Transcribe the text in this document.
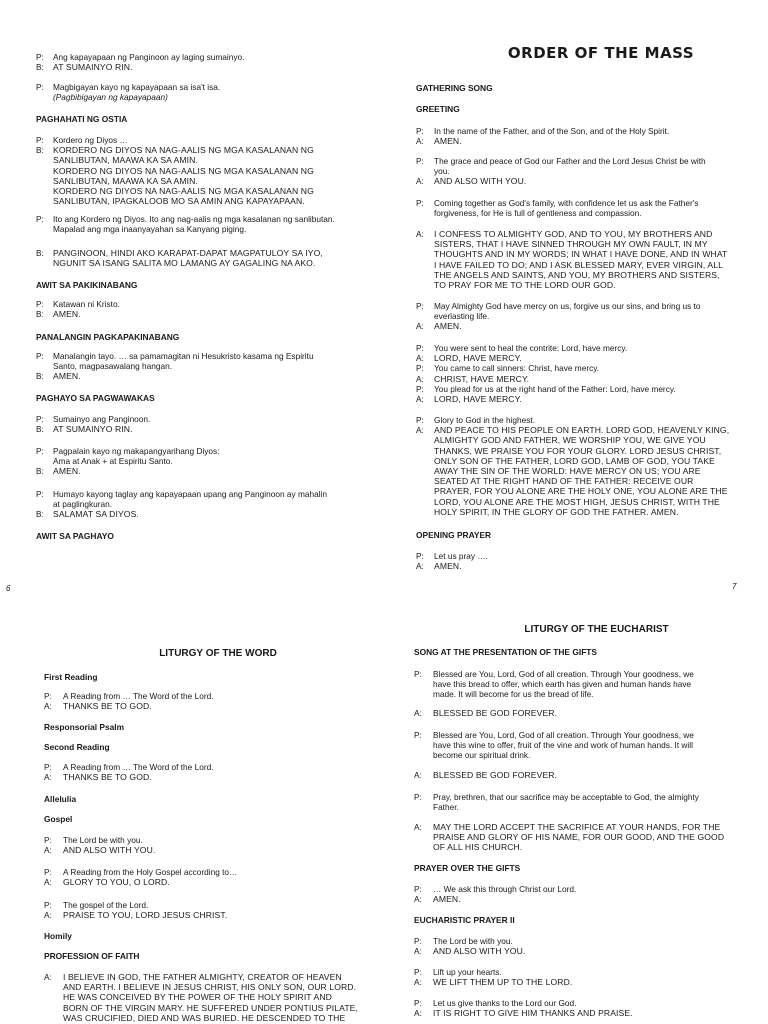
P:	Ang kapayapaan ng Panginoon ay laging sumainyo.
B:	AT SUMAINYO RIN.
P:	Magbigayan kayo ng kapayapaan sa isa't isa.
(Pagbibigayan ng kapayapaan)
PAGHAHATI NG OSTIA
P:	Kordero ng Diyos …
B:	KORDERO NG DIYOS NA NAG-AALIS NG MGA KASALANAN NG
SANLIBUTAN, MAAWA KA SA AMIN.
KORDERO NG DIYOS NA NAG-AALIS NG MGA KASALANAN NG
SANLIBUTAN, MAAWA KA SA AMIN.
KORDERO NG DIYOS NA NAG-AALIS NG MGA KASALANAN NG
SANLIBUTAN, IPAGKALOOB MO SA AMIN ANG KAPAYAPAAN.
P:	Ito ang Kordero ng Diyos. Ito ang nag-aalis ng mga kasalanan ng sanlibutan.
Mapalad ang mga inaanyayahan sa Kanyang piging.
B:	PANGINOON, HINDI AKO KARAPAT-DAPAT MAGPATULOY SA IYO,
NGUNIT SA ISANG SALITA MO LAMANG AY GAGALING NA AKO.
AWIT SA PAKIKINABANG
P:	Katawan ni Kristo.
B:	AMEN.
PANALANGIN PAGKAPAKINABANG
P:	Manalangin tayo. … sa pamamagitan ni Hesukristo kasama ng Espiritu
Santo, magpasawalang hangan.
B:	AMEN.
PAGHAYO SA PAGWAWAKAS
P:	Sumainyo ang Panginoon.
B:	AT SUMAINYO RIN.
P:	Pagpalain kayo ng makapangyarihang Diyos:
Ama at Anak + at Espiritu Santo.
B:	AMEN.
P:	Humayo kayong taglay ang kapayapaan upang ang Panginoon ay mahalin
at paglingkuran.
B:	SALAMAT SA DIYOS.
AWIT SA PAGHAYO
6
ORDER OF THE MASS
GATHERING SONG
GREETING
P:	In the name of the Father, and of the Son, and of the Holy Spirit.
A:	AMEN.
P:	The grace and peace of God our Father and the Lord Jesus Christ be with
you.
A:	AND ALSO WITH YOU.
P:	Coming together as God's family, with confidence let us ask the Father's
forgiveness, for He is full of gentleness and compassion.
A:	I CONFESS TO ALMIGHTY GOD, AND TO YOU, MY BROTHERS AND
SISTERS, THAT I HAVE SINNED THROUGH MY OWN FAULT, IN MY
THOUGHTS AND IN MY WORDS; IN WHAT I HAVE DONE, AND IN WHAT
I HAVE FAILED TO DO; AND I ASK BLESSED MARY, EVER VIRGIN, ALL
THE ANGELS AND SAINTS, AND YOU, MY BROTHERS AND SISTERS,
TO PRAY FOR ME TO THE LORD OUR GOD.
P:	May Almighty God have mercy on us, forgive us our sins, and bring us to
everlasting life.
A:	AMEN.
P:	You were sent to heal the contrite: Lord, have mercy.
A:	LORD, HAVE MERCY.
P:	You came to call sinners: Christ, have mercy.
A:	CHRIST, HAVE MERCY.
P:	You plead for us at the right hand of the Father: Lord, have mercy.
A:	LORD, HAVE MERCY.
P:	Glory to God in the highest.
A:	AND PEACE TO HIS PEOPLE ON EARTH. LORD GOD, HEAVENLY KING,
ALMIGHTY GOD AND FATHER, WE WORSHIP YOU, WE GIVE YOU
THANKS, WE PRAISE YOU FOR YOUR GLORY. LORD JESUS CHRIST,
ONLY SON OF THE FATHER, LORD GOD, LAMB OF GOD, YOU TAKE
AWAY THE SIN OF THE WORLD: HAVE MERCY ON US; YOU ARE
SEATED AT THE RIGHT HAND OF THE FATHER: RECEIVE OUR
PRAYER, FOR YOU ALONE ARE THE HOLY ONE, YOU ALONE ARE THE
LORD, YOU ALONE ARE THE MOST HIGH, JESUS CHRIST, WITH THE
HOLY SPIRIT, IN THE GLORY OF GOD THE FATHER. AMEN.
OPENING PRAYER
P:	Let us pray ….
A:	AMEN.
7
LITURGY OF THE WORD
First Reading
P:	A Reading from … The Word of the Lord.
A:	THANKS BE TO GOD.
Responsorial Psalm
Second Reading
P:	A Reading from … The Word of the Lord.
A:	THANKS BE TO GOD.
Allelulia
Gospel
P:	The Lord be with you.
A:	AND ALSO WITH YOU.
P:	A Reading from the Holy Gospel according to…
A:	GLORY TO YOU, O LORD.
P:	The gospel of the Lord.
A:	PRAISE TO YOU, LORD JESUS CHRIST.
Homily
PROFESSION OF FAITH
A:	I BELIEVE IN GOD, THE FATHER ALMIGHTY, CREATOR OF HEAVEN
AND EARTH. I BELIEVE IN JESUS CHRIST, HIS ONLY SON, OUR LORD.
HE WAS CONCEIVED BY THE POWER OF THE HOLY SPIRIT AND
BORN OF THE VIRGIN MARY. HE SUFFERED UNDER PONTIUS PILATE,
WAS CRUCIFIED, DIED AND WAS BURIED. HE DESCENDED TO THE
LITURGY OF THE EUCHARIST
SONG AT THE PRESENTATION OF THE GIFTS
P:	Blessed are You, Lord, God of all creation. Through Your goodness, we
have this bread to offer, which earth has given and human hands have
made. It will become for us the bread of life.
A:	BLESSED BE GOD FOREVER.
P:	Blessed are You, Lord, God of all creation. Through Your goodness, we
have this wine to offer, fruit of the vine and work of human hands. It will
become our spiritual drink.
A:	BLESSED BE GOD FOREVER.
P:	Pray, brethren, that our sacrifice may be acceptable to God, the almighty
Father.
A:	MAY THE LORD ACCEPT THE SACRIFICE AT YOUR HANDS, FOR THE
PRAISE AND GLORY OF HIS NAME, FOR OUR GOOD, AND THE GOOD
OF ALL HIS CHURCH.
PRAYER OVER THE GIFTS
P:	… We ask this through Christ our Lord.
A:	AMEN.
EUCHARISTIC PRAYER II
P:	The Lord be with you.
A:	AND ALSO WITH YOU.
P:	Lift up your hearts.
A:	WE LIFT THEM UP TO THE LORD.
P:	Let us give thanks to the Lord our God.
A:	IT IS RIGHT TO GIVE HIM THANKS AND PRAISE.
